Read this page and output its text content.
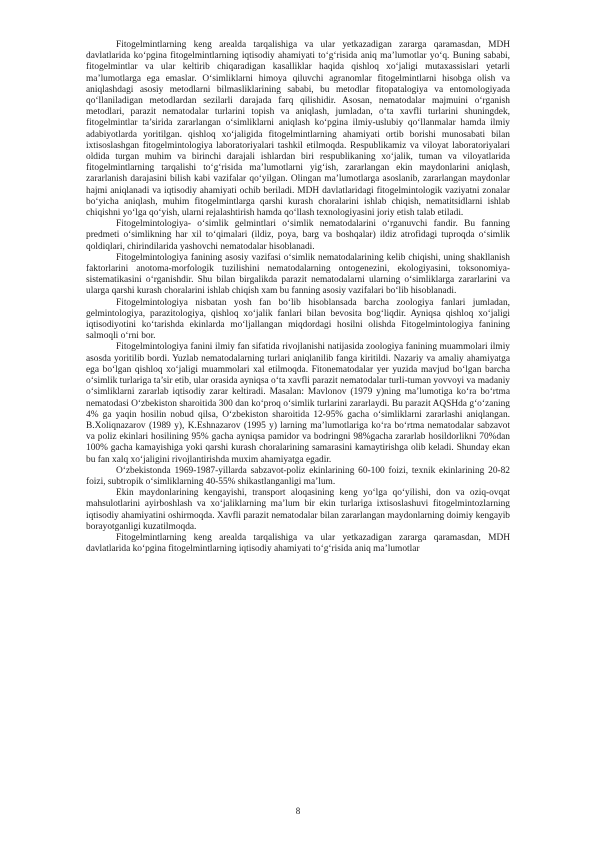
Fitogelmintlarning keng arealda tarqalishiga va ular yetkazadigan zararga qaramasdan, MDH davlatlarida ko‘pgina fitogelmintlarning iqtisodiy ahamiyati to‘g‘risida aniq ma’lumotlar yo‘q. Buning sababi, fitogelmintlar va ular keltirib chiqaradigan kasalliklar haqida qishloq xo‘jaligi mutaxassislari yetarli ma’lumotlarga ega emaslar. O‘simliklarni himoya qiluvchi agranomlar fitogelmintlarni hisobga olish va aniqlashdagi asosiy metodlarni bilmasliklarining sababi, bu metodlar fitopatalogiya va entomologiyada qo‘llaniladigan metodlardan sezilarli darajada farq qilishidir. Asosan, nematodalar majmuini o‘rganish metodlari, parazit nematodalar turlarini topish va aniqlash, jumladan, o‘ta xavfli turlarini shuningdek, fitogelmintlar ta’sirida zararlangan o‘simliklarni aniqlash ko‘pgina ilmiy-uslubiy qo‘llanmalar hamda ilmiy adabiyotlarda yoritilgan. qishloq xo‘jaligida fitogelmintlarning ahamiyati ortib borishi munosabati bilan ixtisoslashgan fitogelmintologiya laboratoriyalari tashkil etilmoqda. Respublikamiz va viloyat laboratoriyalari oldida turgan muhim va birinchi darajali ishlardan biri respublikaning xo‘jalik, tuman va viloyatlarida fitogelmintlarning tarqalishi to‘g‘risida ma’lumotlarni yig‘ish, zararlangan ekin maydonlarini aniqlash, zararlanish darajasini bilish kabi vazifalar qo‘yilgan. Olingan ma’lumotlarga asoslanib, zararlangan maydonlar hajmi aniqlanadi va iqtisodiy ahamiyati ochib beriladi. MDH davlatlaridagi fitogelmintologik vaziyatni zonalar bo‘yicha aniqlash, muhim fitogelmintlarga qarshi kurash choralarini ishlab chiqish, nematitsidlarni ishlab chiqishni yo‘lga qo‘yish, ularni rejalashtirish hamda qo‘llash texnologiyasini joriy etish talab etiladi.

Fitogelmintologiya- o‘simlik gelmintlari o‘simlik nematodalarini o‘rganuvchi fandir. Bu fanning predmeti o‘simlikning har xil to‘qimalari (ildiz, poya, barg va boshqalar) ildiz atrofidagi tuproqda o‘simlik qoldiqlari, chirindilarida yashovchi nematodalar hisoblanadi.

Fitogelmintologiya fanining asosiy vazifasi o‘simlik nematodalarining kelib chiqishi, uning shakllanish faktorlarini anotoma-morfologik tuzilishini nematodalarning ontogenezini, ekologiyasini, toksonomiya-sistematikasini o‘rganishdir. Shu bilan birgalikda parazit nematodalarni ularning o‘simliklarga zararlarini va ularga qarshi kurash choralarini ishlab chiqish xam bu fanning asosiy vazifalari bo‘lib hisoblanadi.

Fitogelmintologiya nisbatan yosh fan bo‘lib hisoblansada barcha zoologiya fanlari jumladan, gelmintologiya, parazitologiya, qishloq xo‘jalik fanlari bilan bevosita bog‘liqdir. Ayniqsa qishloq xo‘jaligi iqtisodiyotini ko‘tarishda ekinlarda mo‘ljallangan miqdordagi hosilni olishda Fitogelmintologiya fanining salmoqli o‘rni bor.

Fitogelmintologiya fanini ilmiy fan sifatida rivojlanishi natijasida zoologiya fanining muammolari ilmiy asosda yoritilib bordi. Yuzlab nematodalarning turlari aniqlanilib fanga kiritildi. Nazariy va amaliy ahamiyatga ega bo‘lgan qishloq xo‘jaligi muammolari xal etilmoqda. Fitonematodalar yer yuzida mavjud bo‘lgan barcha o‘simlik turlariga ta’sir etib, ular orasida ayniqsa o‘ta xavfli parazit nematodalar turli-tuman yovvoyi va madaniy o‘simliklarni zararlab iqtisodiy zarar keltiradi. Masalan: Mavlonov (1979 y)ning ma’lumotiga ko‘ra bo‘rtma nematodasi O‘zbekiston sharoitida 300 dan ko‘proq o‘simlik turlarini zararlaydi. Bu parazit AQSHda g‘o‘zaning 4% ga yaqin hosilin nobud qilsa, O‘zbekiston sharoitida 12-95% gacha o‘simliklarni zararlashi aniqlangan. B.Xoliqnazarov (1989 y), K.Eshnazarov (1995 y) larning ma’lumotlariga ko‘ra bo‘rtma nematodalar sabzavot va poliz ekinlari hosilining 95% gacha ayniqsa pamidor va bodringni 98%gacha zararlab hosildorlikni 70%dan 100% gacha kamayishiga yoki qarshi kurash choralarining samarasini kamaytirishga olib keladi. Shunday ekan bu fan xalq xo‘jaligini rivojlantirishda muxim ahamiyatga egadir.

O‘zbekistonda 1969-1987-yillarda sabzavot-poliz ekinlarining 60-100 foizi, texnik ekinlarining 20-82 foizi, subtropik o‘simliklarning 40-55% shikastlanganligi ma’lum.

Ekin maydonlarining kengayishi, transport aloqasining keng yo‘lga qo‘yilishi, don va oziq-ovqat mahsulotlarini ayirboshlash va xo‘jaliklarning ma’lum bir ekin turlariga ixtisoslashuvi fitogelmintozlarning iqtisodiy ahamiyatini oshirmoqda. Xavfli parazit nematodalar bilan zararlangan maydonlarning doimiy kengayib borayotganligi kuzatilmoqda.

Fitogelmintlarning keng arealda tarqalishiga va ular yetkazadigan zararga qaramasdan, MDH davlatlarida ko‘pgina fitogelmintlarning iqtisodiy ahamiyati to‘g‘risida aniq ma’lumotlar

8
